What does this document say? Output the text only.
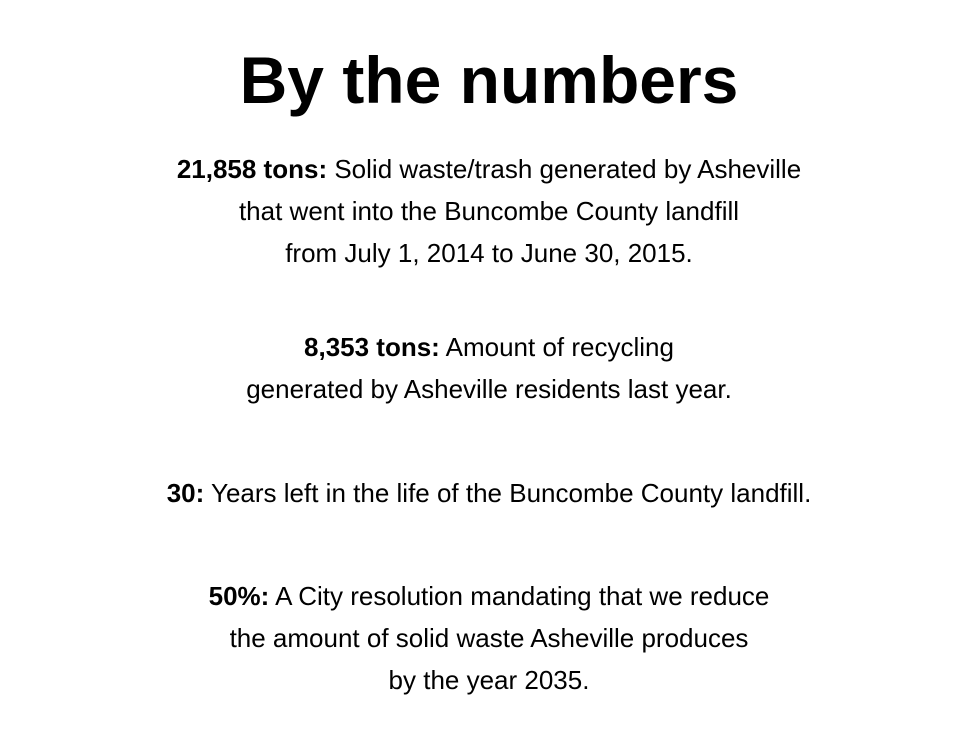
By the numbers
21,858 tons: Solid waste/trash generated by Asheville
that went into the Buncombe County landfill
from July 1, 2014 to June 30, 2015.
8,353 tons: Amount of recycling
generated by Asheville residents last year.
30: Years left in the life of the Buncombe County landfill.
50%: A City resolution mandating that we reduce
the amount of solid waste Asheville produces
by the year 2035.
